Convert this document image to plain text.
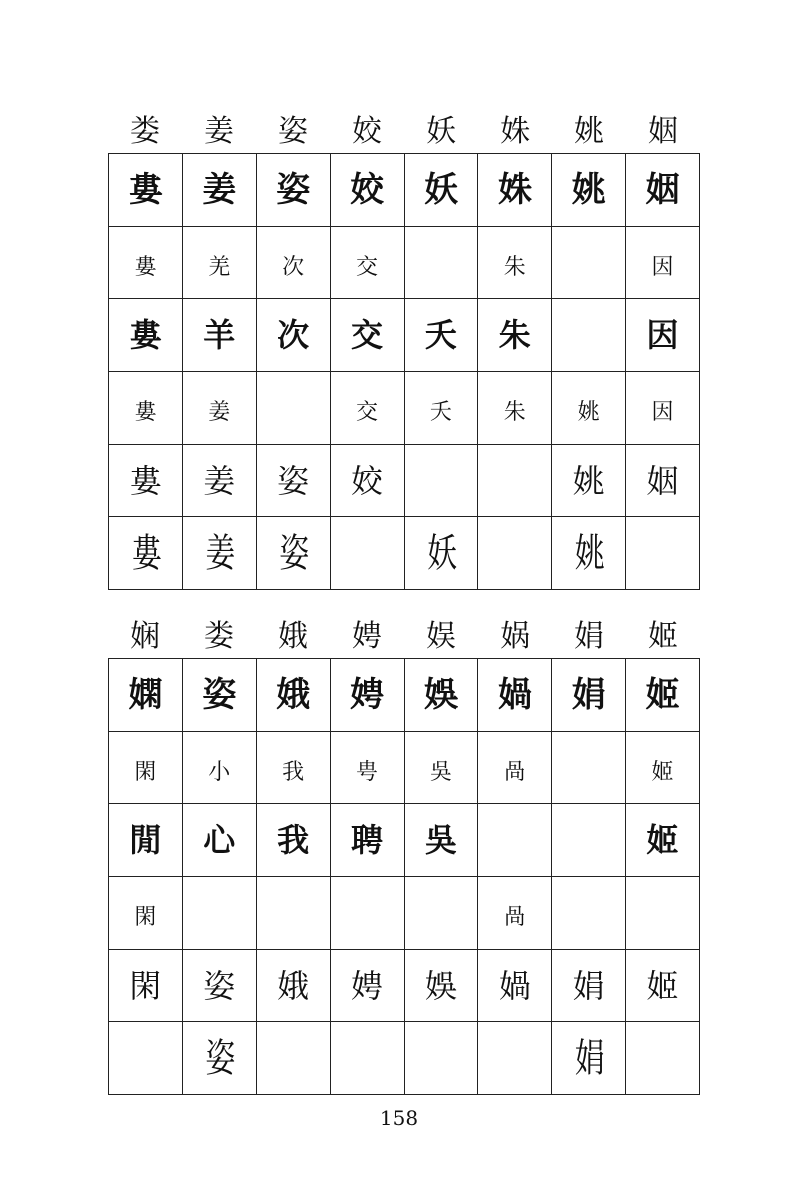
娄	姜	姿	姣	妖	姝	姚	姻
婁	姜	姿	姣	妖	姝	姚	姻
婁	羌	次	交		朱		因
婁	羊	次	交	夭	朱		因
婁	姜		交	夭	朱	姚	因
婁	姜	姿	姣			姚	姻
婁	姜	姿		妖		姚	
娴	娄	娥	娉	娱	娲	娟	姬
嫻	姿	娥	娉	娛	媧	娟	姬
閑	小	我	甹	吳	咼		姬
閒	心	我	聘	吳			姬
閑					咼		
閑	姿	娥	娉	娛	媧	娟	姬
	姿					娟	
158
